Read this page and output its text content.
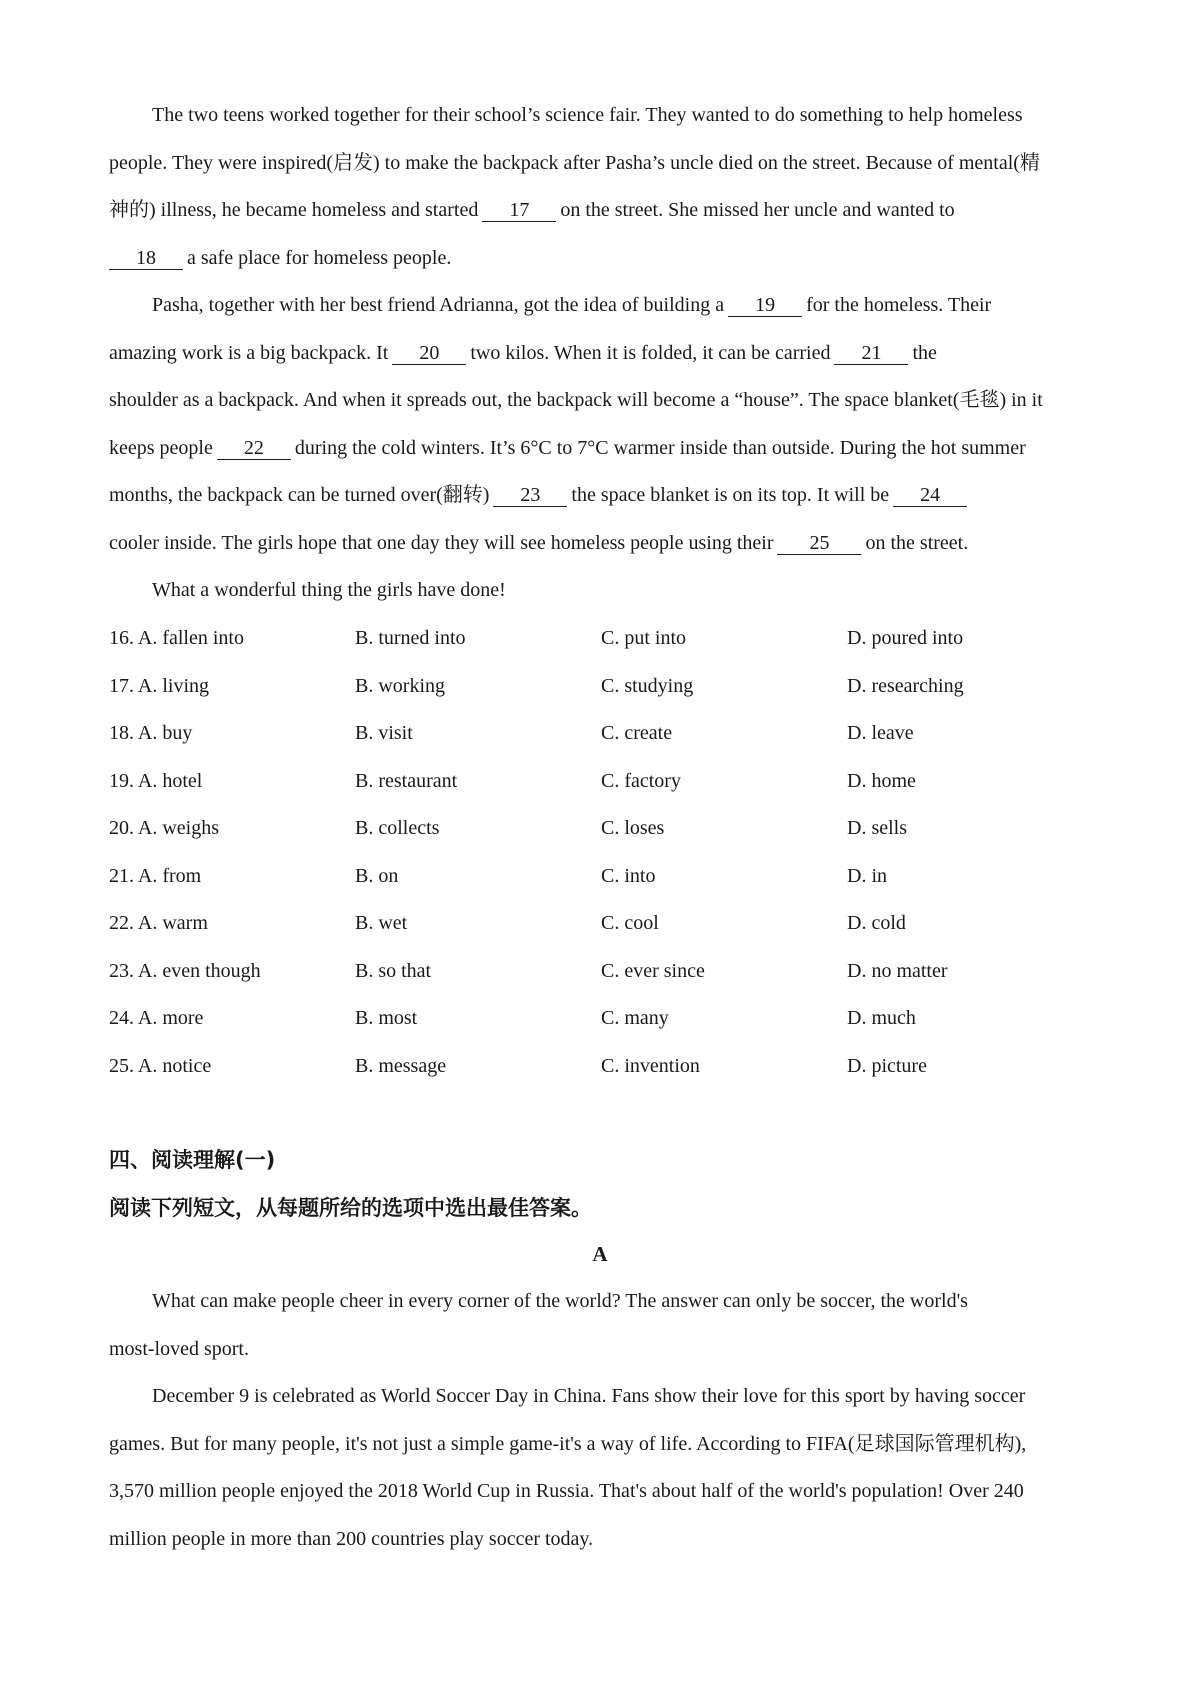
The two teens worked together for their school’s science fair. They wanted to do something to help homeless
people. They were inspired(启发) to make the backpack after Pasha’s uncle died on the street. Because of mental(精
神的) illness, he became homeless and started 17 on the street. She missed her uncle and wanted to
18 a safe place for homeless people.

Pasha, together with her best friend Adrianna, got the idea of building a 19 for the homeless. Their
amazing work is a big backpack. It 20 two kilos. When it is folded, it can be carried 21 the
shoulder as a backpack. And when it spreads out, the backpack will become a “house”. The space blanket(毛毯) in it
keeps people 22 during the cold winters. It’s 6°C to 7°C warmer inside than outside. During the hot summer
months, the backpack can be turned over(翻转) 23 the space blanket is on its top. It will be 24
cooler inside. The girls hope that one day they will see homeless people using their 25 on the street.

What a wonderful thing the girls have done!

16. A. fallen into	B. turned into	C. put into	D. poured into
17. A. living	B. working	C. studying	D. researching
18. A. buy	B. visit	C. create	D. leave
19. A. hotel	B. restaurant	C. factory	D. home
20. A. weighs	B. collects	C. loses	D. sells
21. A. from	B. on	C. into	D. in
22. A. warm	B. wet	C. cool	D. cold
23. A. even though	B. so that	C. ever since	D. no matter
24. A. more	B. most	C. many	D. much
25. A. notice	B. message	C. invention	D. picture

四、阅读理解(一)

阅读下列短文，从每题所给的选项中选出最佳答案。

A

What can make people cheer in every corner of the world? The answer can only be soccer, the world's
most-loved sport.

December 9 is celebrated as World Soccer Day in China. Fans show their love for this sport by having soccer
games. But for many people, it's not just a simple game-it's a way of life. According to FIFA(足球国际管理机构),
3,570 million people enjoyed the 2018 World Cup in Russia. That's about half of the world's population! Over 240
million people in more than 200 countries play soccer today.
